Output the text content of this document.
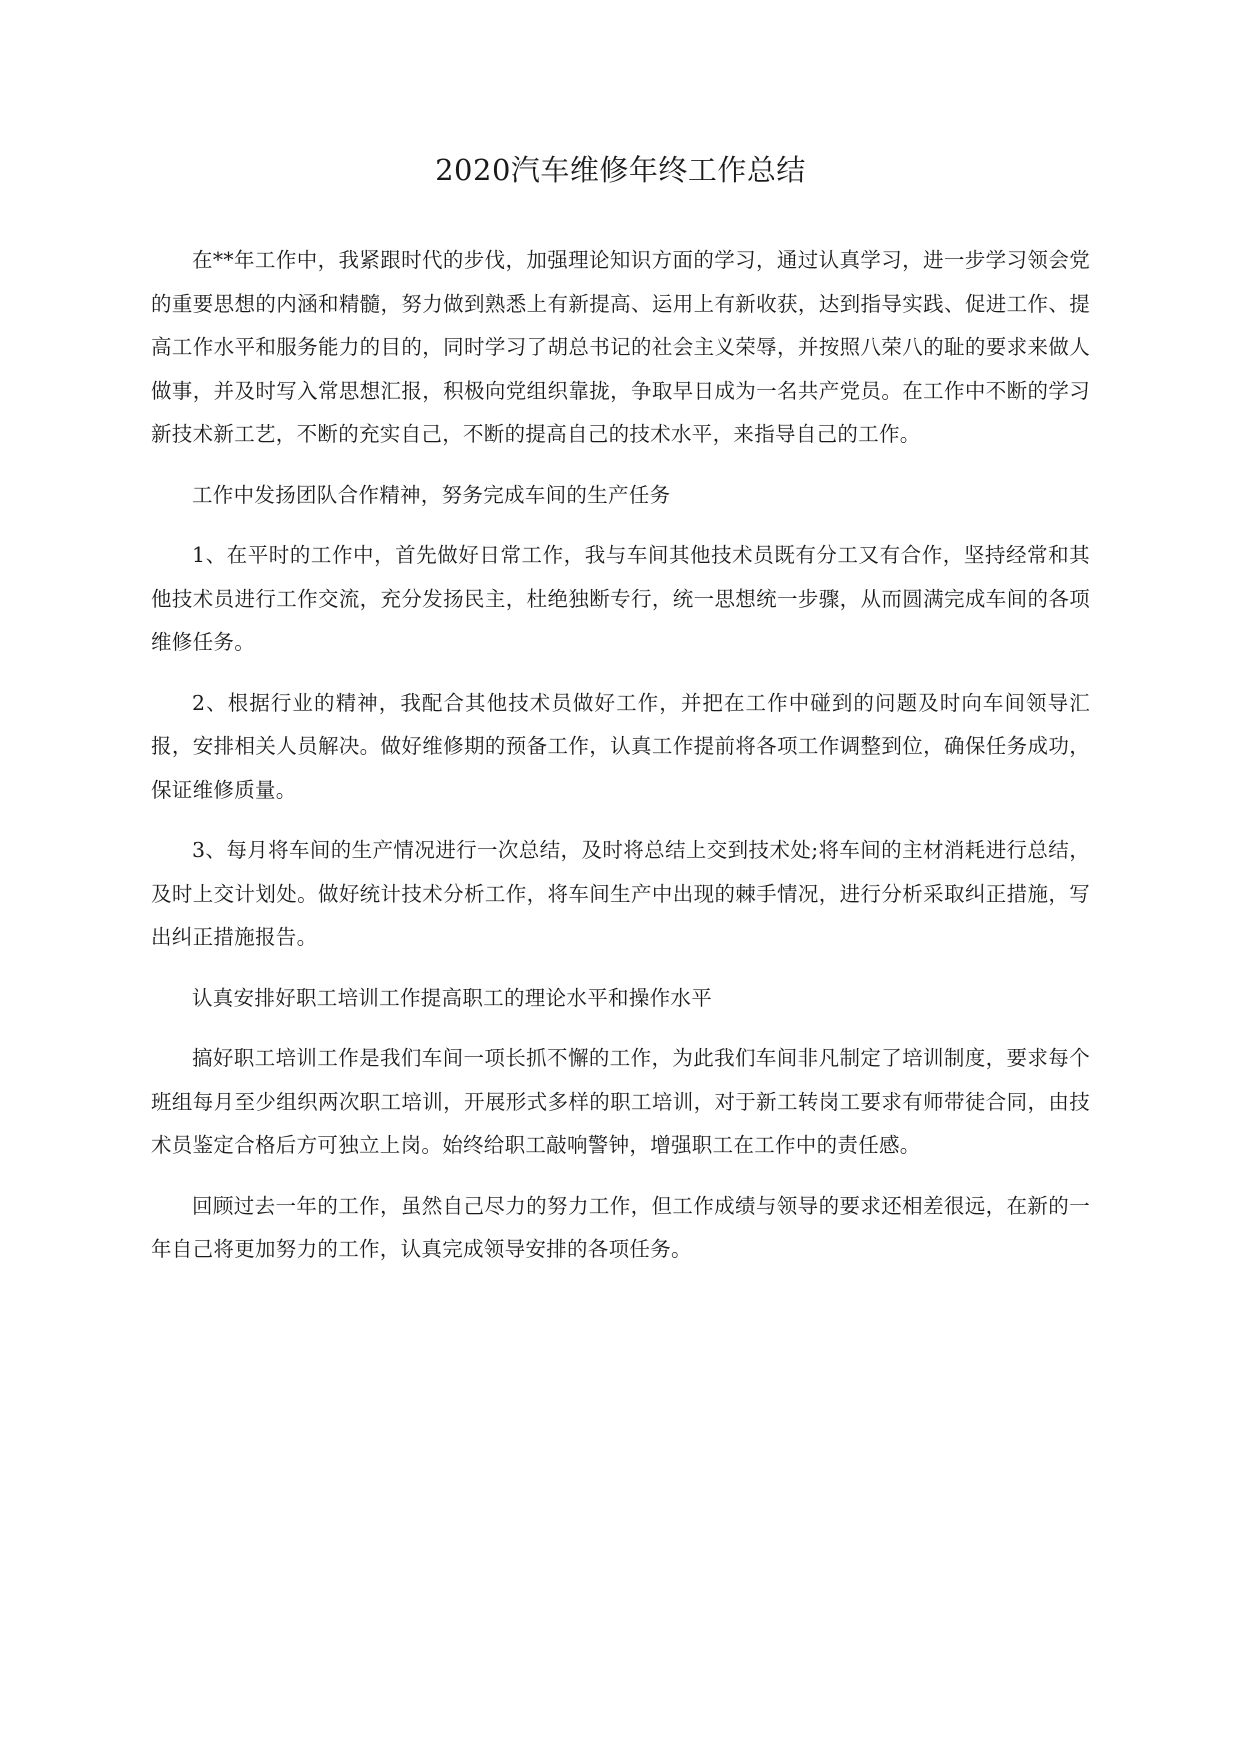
2020汽车维修年终工作总结

在**年工作中，我紧跟时代的步伐，加强理论知识方面的学习，通过认真学习，进一步学习领会党的重要思想的内涵和精髓，努力做到熟悉上有新提高、运用上有新收获，达到指导实践、促进工作、提高工作水平和服务能力的目的，同时学习了胡总书记的社会主义荣辱，并按照八荣八的耻的要求来做人做事，并及时写入常思想汇报，积极向党组织靠拢，争取早日成为一名共产党员。在工作中不断的学习新技术新工艺，不断的充实自己，不断的提高自己的技术水平，来指导自己的工作。

工作中发扬团队合作精神，努务完成车间的生产任务

1、在平时的工作中，首先做好日常工作，我与车间其他技术员既有分工又有合作，坚持经常和其他技术员进行工作交流，充分发扬民主，杜绝独断专行，统一思想统一步骤，从而圆满完成车间的各项维修任务。

2、根据行业的精神，我配合其他技术员做好工作，并把在工作中碰到的问题及时向车间领导汇报，安排相关人员解决。做好维修期的预备工作，认真工作提前将各项工作调整到位，确保任务成功，保证维修质量。

3、每月将车间的生产情况进行一次总结，及时将总结上交到技术处;将车间的主材消耗进行总结，及时上交计划处。做好统计技术分析工作，将车间生产中出现的棘手情况，进行分析采取纠正措施，写出纠正措施报告。

认真安排好职工培训工作提高职工的理论水平和操作水平

搞好职工培训工作是我们车间一项长抓不懈的工作，为此我们车间非凡制定了培训制度，要求每个班组每月至少组织两次职工培训，开展形式多样的职工培训，对于新工转岗工要求有师带徒合同，由技术员鉴定合格后方可独立上岗。始终给职工敲响警钟，增强职工在工作中的责任感。

回顾过去一年的工作，虽然自己尽力的努力工作，但工作成绩与领导的要求还相差很远，在新的一年自己将更加努力的工作，认真完成领导安排的各项任务。
